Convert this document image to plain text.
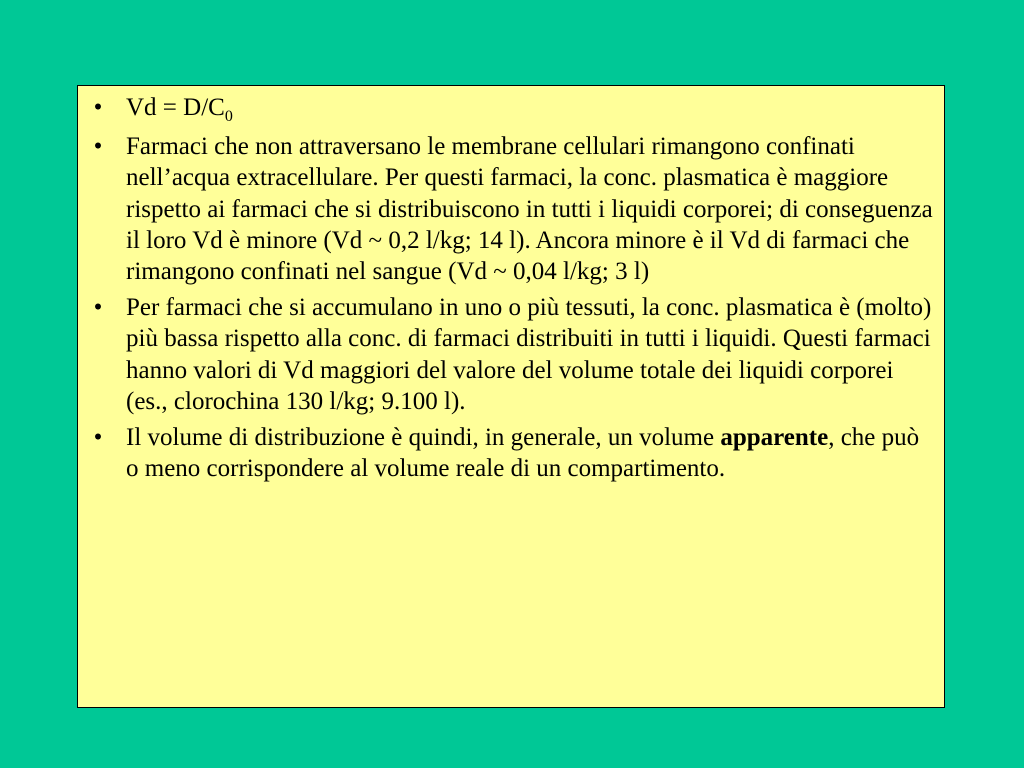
• $Vd = D/C_0$
• Farmaci che non attraversano le membrane cellulari rimangono confinati nell’acqua extracellulare. Per questi farmaci, la conc. plasmatica è maggiore rispetto ai farmaci che si distribuiscono in tutti i liquidi corporei; di conseguenza il loro Vd è minore (Vd ~ 0,2 l/kg; 14 l). Ancora minore è il Vd di farmaci che rimangono confinati nel sangue (Vd ~ 0,04 l/kg; 3 l)
• Per farmaci che si accumulano in uno o più tessuti, la conc. plasmatica è (molto) più bassa rispetto alla conc. di farmaci distribuiti in tutti i liquidi. Questi farmaci hanno valori di Vd maggiori del valore del volume totale dei liquidi corporei (es., clorochina 130 l/kg; 9.100 l).
• Il volume di distribuzione è quindi, in generale, un volume apparente, che può o meno corrispondere al volume reale di un compartimento.
